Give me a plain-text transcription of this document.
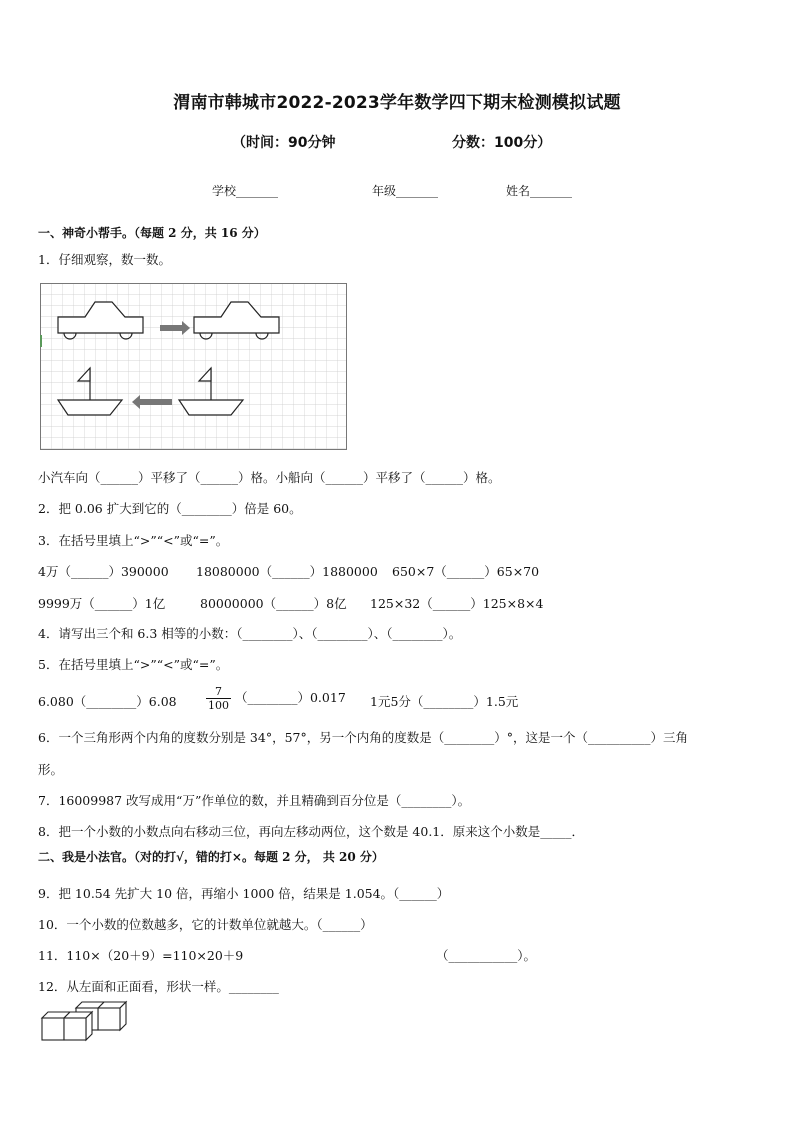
渭南市韩城市2022-2023学年数学四下期末检测模拟试题
（时间：90分钟	分数：100分）
学校_______	年级_______	姓名_______
一、神奇小帮手。（每题 2 分，共 16 分）
1．仔细观察，数一数。
小汽车向（______）平移了（______）格。小船向（______）平移了（______）格。
2．把 0.06 扩大到它的（________）倍是 60。
3．在括号里填上“>”“<”或“=”。
4万（______）390000 18080000（______）1880000 650×7（______）65×70
9999万（______）1亿	80000000（______）8亿 125×32（______）125×8×4
4．请写出三个和 6.3 相等的小数：（________）、（________）、（________）。
5．在括号里填上“>”“<”或“=”。
6.080（________）6.08	$\frac{7}{100}$ （________）0.017 1元5分（________）1.5元
6．一个三角形两个内角的度数分别是 34°，57°，另一个内角的度数是（________）°，这是一个（__________）三角
形。
7．16009987 改写成用“万”作单位的数，并且精确到百分位是（________）。
8．把一个小数的小数点向右移动三位，再向左移动两位，这个数是 40.1．原来这个小数是_____．
二、我是小法官。（对的打√，错的打×。每题 2 分， 共 20 分）
9．把 10.54 先扩大 10 倍，再缩小 1000 倍，结果是 1.054。（______）
10．一个小数的位数越多，它的计数单位就越大。（______）
11．110×（20＋9）=110×20＋9	（___________）。
12．从左面和正面看，形状一样。________
